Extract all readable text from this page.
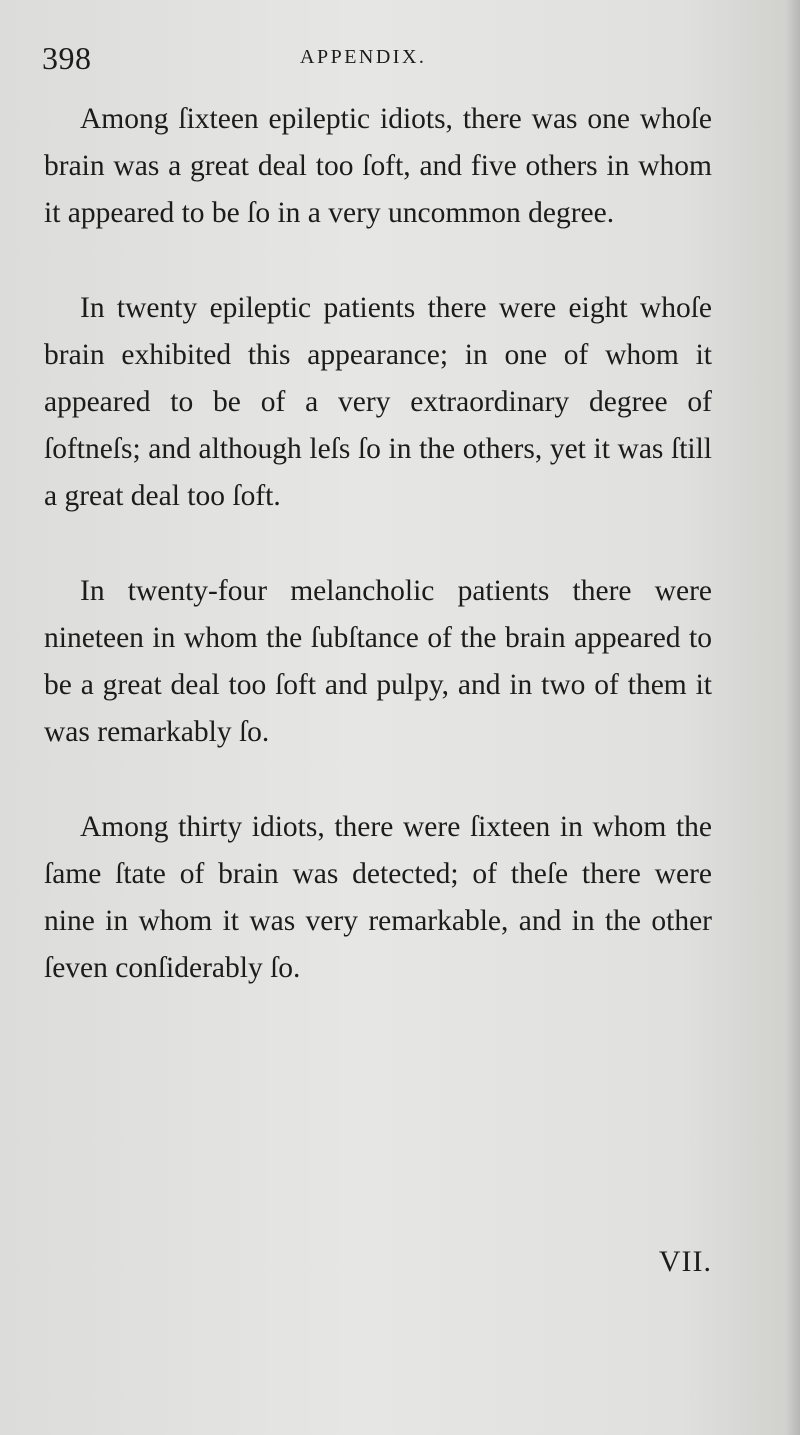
398	APPENDIX.

Among ſixteen epileptic idiots, there was one whoſe brain was a great deal too ſoft, and five others in whom it appeared to be ſo in a very uncommon degree.

In twenty epileptic patients there were eight whoſe brain exhibited this appearance; in one of whom it appeared to be of a very extraordinary degree of ſoftneſs; and although leſs ſo in the others, yet it was ſtill a great deal too ſoft.

In twenty-four melancholic patients there were nineteen in whom the ſubſtance of the brain appeared to be a great deal too ſoft and pulpy, and in two of them it was remarkably ſo.

Among thirty idiots, there were ſixteen in whom the ſame ſtate of brain was detected; of theſe there were nine in whom it was very remarkable, and in the other ſeven conſiderably ſo.

VII.
